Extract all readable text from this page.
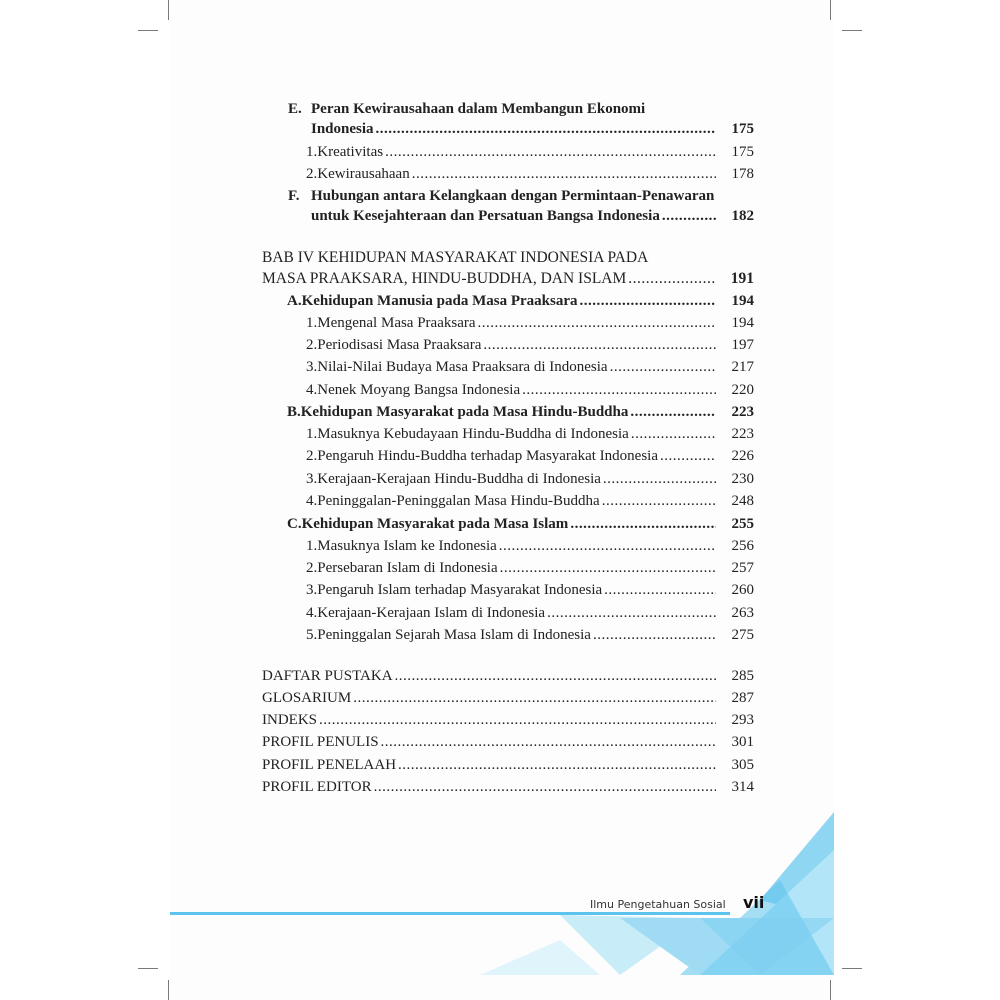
E. Peran Kewirausahaan dalam Membangun Ekonomi
Indonesia .....	175
1. Kreativitas .....	175
2. Kewirausahaan .....	178
F. Hubungan antara Kelangkaan dengan Permintaan-Penawaran
untuk Kesejahteraan dan Persatuan Bangsa Indonesia .....	182
BAB IV KEHIDUPAN MASYARAKAT INDONESIA PADA
MASA PRAAKSARA, HINDU-BUDDHA, DAN ISLAM .....	191
A. Kehidupan Manusia pada Masa Praaksara .....	194
1. Mengenal Masa Praaksara .....	194
2. Periodisasi Masa Praaksara .....	197
3. Nilai-Nilai Budaya Masa Praaksara di Indonesia .....	217
4. Nenek Moyang Bangsa Indonesia .....	220
B. Kehidupan Masyarakat pada Masa Hindu-Buddha .....	223
1. Masuknya Kebudayaan Hindu-Buddha di Indonesia .....	223
2. Pengaruh Hindu-Buddha terhadap Masyarakat Indonesia .....	226
3. Kerajaan-Kerajaan Hindu-Buddha di Indonesia .....	230
4. Peninggalan-Peninggalan Masa Hindu-Buddha .....	248
C. Kehidupan Masyarakat pada Masa Islam .....	255
1. Masuknya Islam ke Indonesia .....	256
2. Persebaran Islam di Indonesia .....	257
3. Pengaruh Islam terhadap Masyarakat Indonesia .....	260
4. Kerajaan-Kerajaan Islam di Indonesia .....	263
5. Peninggalan Sejarah Masa Islam di Indonesia .....	275
DAFTAR PUSTAKA .....	285
GLOSARIUM .....	287
INDEKS .....	293
PROFIL PENULIS .....	301
PROFIL PENELAAH .....	305
PROFIL EDITOR .....	314
Ilmu Pengetahuan Sosial vii
